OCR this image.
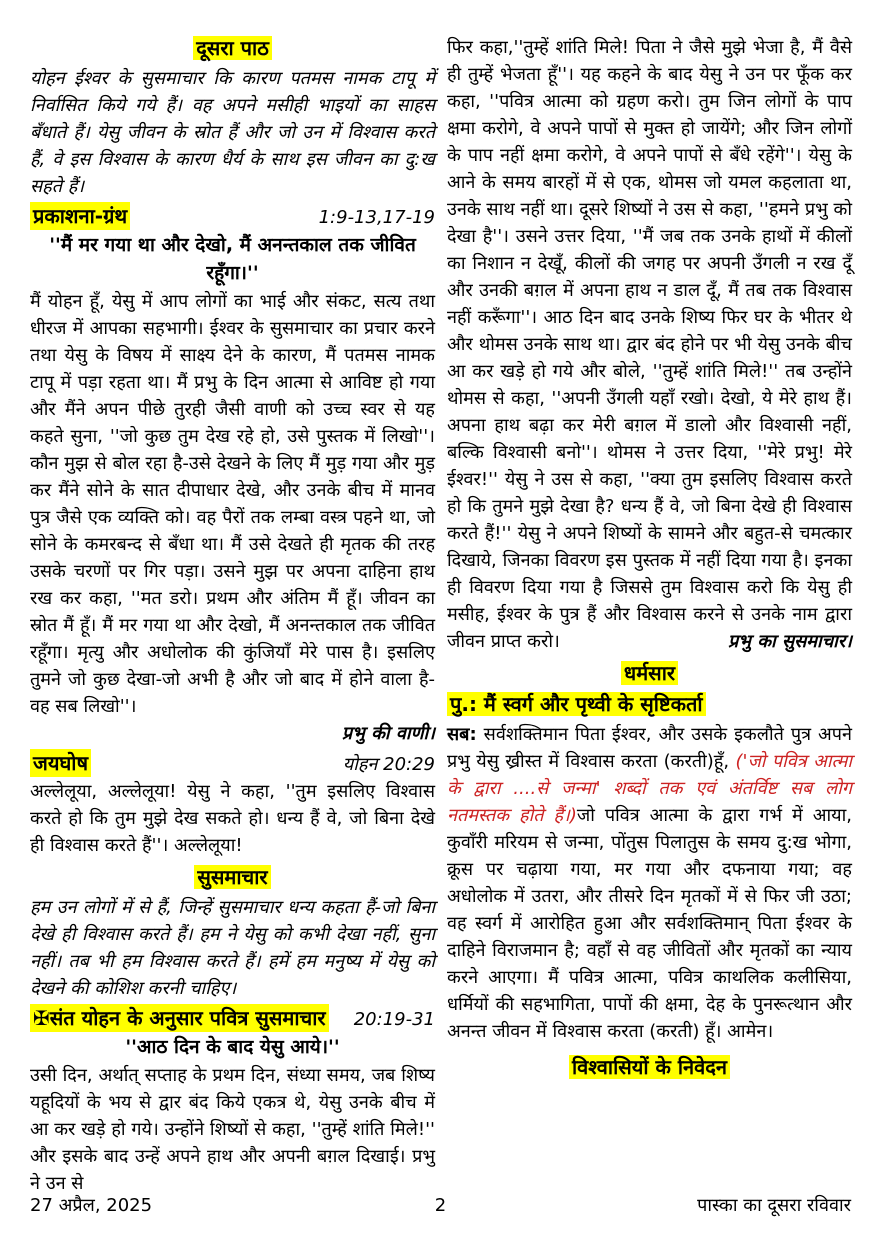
दूसरा पाठ

योहन ईश्वर के सुसमाचार कि कारण पतमस नामक टापू में निर्वासित किये गये हैं। वह अपने मसीही भाइयों का साहस बँधाते हैं। येसु जीवन के स्रोत हैं और जो उन में विश्वास करते हैं, वे इस विश्वास के कारण धैर्य के साथ इस जीवन का दु:ख सहते हैं।

प्रकाशना-ग्रंथ	1:9-13,17-19
''मैं मर गया था और देखो, मैं अनन्तकाल तक जीवित रहूँगा।''

मैं योहन हूँ, येसु में आप लोगों का भाई और संकट, सत्य तथा धीरज में आपका सहभागी। ईश्वर के सुसमाचार का प्रचार करने तथा येसु के विषय में साक्ष्य देने के कारण, मैं पतमस नामक टापू में पड़ा रहता था। मैं प्रभु के दिन आत्मा से आविष्ट हो गया और मैंने अपन पीछे तुरही जैसी वाणी को उच्च स्वर से यह कहते सुना, ''जो कुछ तुम देख रहे हो, उसे पुस्तक में लिखो''। कौन मुझ से बोल रहा है-उसे देखने के लिए मैं मुड़ गया और मुड़ कर मैंने सोने के सात दीपाधार देखे, और उनके बीच में मानव पुत्र जैसे एक व्यक्ति को। वह पैरों तक लम्बा वस्त्र पहने था, जो सोने के कमरबन्द से बँधा था। मैं उसे देखते ही मृतक की तरह उसके चरणों पर गिर पड़ा। उसने मुझ पर अपना दाहिना हाथ रख कर कहा, ''मत डरो। प्रथम और अंतिम मैं हूँ। जीवन का स्रोत मैं हूँ। मैं मर गया था और देखो, मैं अनन्तकाल तक जीवित रहूँगा। मृत्यु और अधोलोक की कुंजियाँ मेरे पास है। इसलिए तुमने जो कुछ देखा-जो अभी है और जो बाद में होने वाला है-वह सब लिखो''।

प्रभु की वाणी।
जयघोष	योहन 20:29

अल्लेलूया, अल्लेलूया! येसु ने कहा, ''तुम इसलिए विश्वास करते हो कि तुम मुझे देख सकते हो। धन्य हैं वे, जो बिना देखे ही विश्वास करते हैं''। अल्लेलूया!

सुसमाचार

हम उन लोगों में से हैं, जिन्हें सुसमाचार धन्य कहता हैं-जो बिना देखे ही विश्वास करते हैं। हम ने येसु को कभी देखा नहीं, सुना नहीं। तब भी हम विश्वास करते हैं। हमें हम मनुष्य में येसु को देखने की कोशिश करनी चाहिए।

✠संत योहन के अनुसार पवित्र सुसमाचार 20:19-31
''आठ दिन के बाद येसु आये।''

उसी दिन, अर्थात् सप्ताह के प्रथम दिन, संध्या समय, जब शिष्य यहूदियों के भय से द्वार बंद किये एकत्र थे, येसु उनके बीच में आ कर खड़े हो गये। उन्होंने शिष्यों से कहा, ''तुम्हें शांति मिले!'' और इसके बाद उन्हें अपने हाथ और अपनी बग़ल दिखाई। प्रभु ने उन से

फिर कहा,''तुम्हें शांति मिले! पिता ने जैसे मुझे भेजा है, मैं वैसे ही तुम्हें भेजता हूँ''। यह कहने के बाद येसु ने उन पर फूँक कर कहा, ''पवित्र आत्मा को ग्रहण करो। तुम जिन लोगों के पाप क्षमा करोगे, वे अपने पापों से मुक्त हो जायेंगे; और जिन लोगों के पाप नहीं क्षमा करोगे, वे अपने पापों से बँधे रहेंगे''। येसु के आने के समय बारहों में से एक, थोमस जो यमल कहलाता था, उनके साथ नहीं था। दूसरे शिष्यों ने उस से कहा, ''हमने प्रभु को देखा है''। उसने उत्तर दिया, ''मैं जब तक उनके हाथों में कीलों का निशान न देखूँ, कीलों की जगह पर अपनी उँगली न रख दूँ और उनकी बग़ल में अपना हाथ न डाल दूँ, मैं तब तक विश्वास नहीं करूँगा''। आठ दिन बाद उनके शिष्य फिर घर के भीतर थे और थोमस उनके साथ था। द्वार बंद होने पर भी येसु उनके बीच आ कर खड़े हो गये और बोले, ''तुम्हें शांति मिले!'' तब उन्होंने थोमस से कहा, ''अपनी उँगली यहाँ रखो। देखो, ये मेरे हाथ हैं। अपना हाथ बढ़ा कर मेरी बग़ल में डालो और विश्वासी नहीं, बल्कि विश्वासी बनो''। थोमस ने उत्तर दिया, ''मेरे प्रभु! मेरे ईश्वर!'' येसु ने उस से कहा, ''क्या तुम इसलिए विश्वास करते हो कि तुमने मुझे देखा है? धन्य हैं वे, जो बिना देखे ही विश्वास करते हैं!'' येसु ने अपने शिष्यों के सामने और बहुत-से चमत्कार दिखाये, जिनका विवरण इस पुस्तक में नहीं दिया गया है। इनका ही विवरण दिया गया है जिससे तुम विश्वास करो कि येसु ही मसीह, ईश्वर के पुत्र हैं और विश्वास करने से उनके नाम द्वारा जीवन प्राप्त करो।	प्रभु का सुसमाचार।

धर्मसार
पु.: मैं स्वर्ग और पृथ्वी के सृष्टिकर्ता

सब: सर्वशक्तिमान पिता ईश्वर, और उसके इकलौते पुत्र अपने प्रभु येसु ख्रीस्त में विश्वास करता (करती)हूँ, ('जो पवित्र आत्मा के द्वारा ....से जन्मा' शब्दों तक एवं अंतर्विष्ट सब लोग नतमस्तक होते हैं।)जो पवित्र आत्मा के द्वारा गर्भ में आया, कुवाँरी मरियम से जन्मा, पोंतुस पिलातुस के समय दु:ख भोगा, क्रूस पर चढ़ाया गया, मर गया और दफनाया गया; वह अधोलोक में उतरा, और तीसरे दिन मृतकों में से फिर जी उठा; वह स्वर्ग में आरोहित हुआ और सर्वशक्तिमान् पिता ईश्वर के दाहिने विराजमान है; वहाँ से वह जीवितों और मृतकों का न्याय करने आएगा। मैं पवित्र आत्मा, पवित्र काथलिक कलीसिया, धर्मियों की सहभागिता, पापों की क्षमा, देह के पुनरूत्थान और अनन्त जीवन में विश्वास करता (करती) हूँ। आमेन।

विश्वासियों के निवेदन
27 अप्रैल, 2025	2	पास्का का दूसरा रविवार
